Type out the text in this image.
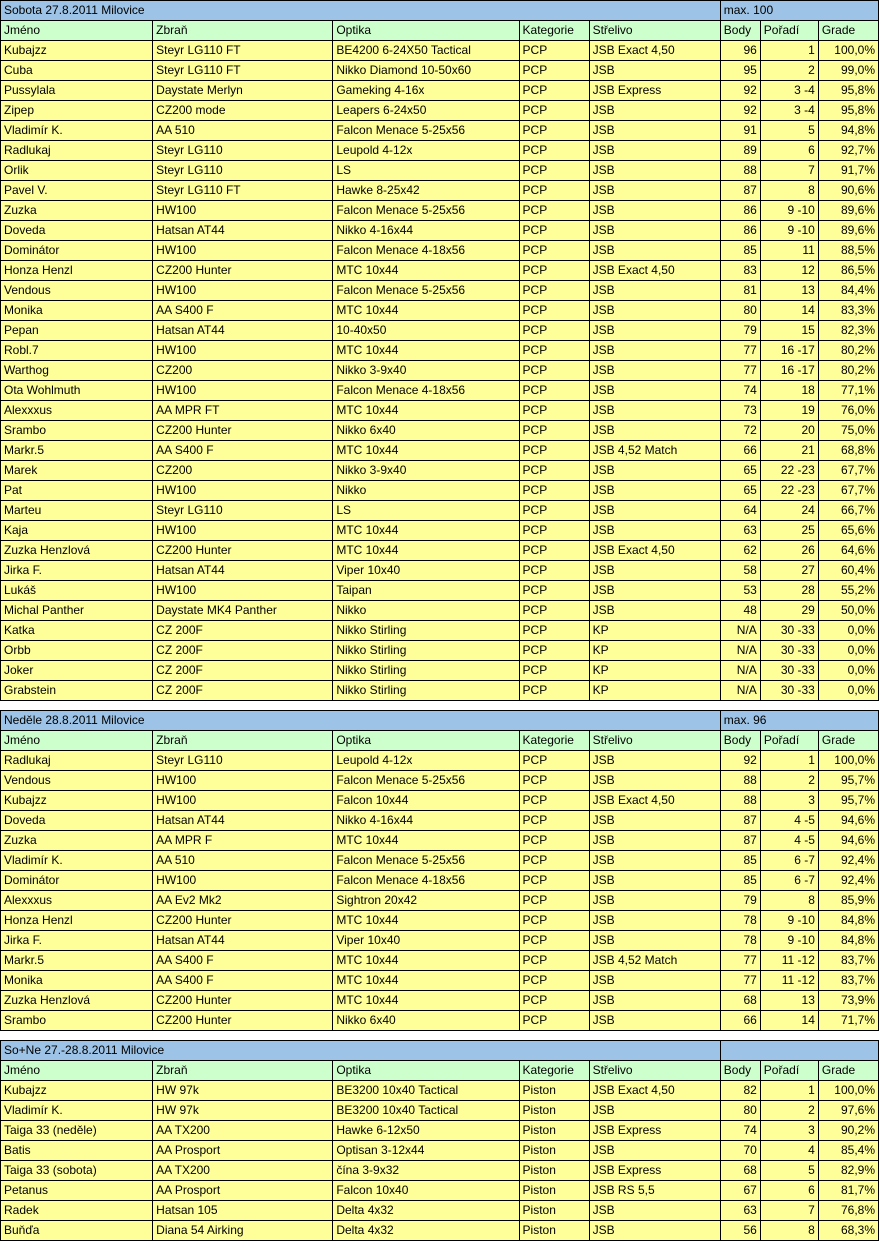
Sobota 27.8.2011 Milovice					max. 100		
Jméno	Zbraň	Optika	Kategorie	Střelivo	Body	Pořadí	Grade
Kubajzz	Steyr LG110 FT	BE4200 6-24X50 Tactical	PCP	JSB Exact 4,50	96	1	100,0%
Cuba	Steyr LG110 FT	Nikko Diamond 10-50x60	PCP	JSB	95	2	99,0%
Pussylala	Daystate Merlyn	Gameking 4-16x	PCP	JSB Express	92	3 -4	95,8%
Zipep	CZ200 mode	Leapers 6-24x50	PCP	JSB	92	3 -4	95,8%
Vladimír K.	AA 510	Falcon Menace 5-25x56	PCP	JSB	91	5	94,8%
Radlukaj	Steyr LG110	Leupold 4-12x	PCP	JSB	89	6	92,7%
Orlik	Steyr LG110	LS	PCP	JSB	88	7	91,7%
Pavel V.	Steyr LG110 FT	Hawke 8-25x42	PCP	JSB	87	8	90,6%
Zuzka	HW100	Falcon Menace 5-25x56	PCP	JSB	86	9 -10	89,6%
Doveda	Hatsan AT44	Nikko 4-16x44	PCP	JSB	86	9 -10	89,6%
Dominátor	HW100	Falcon Menace 4-18x56	PCP	JSB	85	11	88,5%
Honza Henzl	CZ200 Hunter	MTC 10x44	PCP	JSB Exact 4,50	83	12	86,5%
Vendous	HW100	Falcon Menace 5-25x56	PCP	JSB	81	13	84,4%
Monika	AA S400 F	MTC 10x44	PCP	JSB	80	14	83,3%
Pepan	Hatsan AT44	10-40x50	PCP	JSB	79	15	82,3%
Robl.7	HW100	MTC 10x44	PCP	JSB	77	16 -17	80,2%
Warthog	CZ200	Nikko 3-9x40	PCP	JSB	77	16 -17	80,2%
Ota Wohlmuth	HW100	Falcon Menace 4-18x56	PCP	JSB	74	18	77,1%
Alexxxus	AA MPR FT	MTC 10x44	PCP	JSB	73	19	76,0%
Srambo	CZ200 Hunter	Nikko 6x40	PCP	JSB	72	20	75,0%
Markr.5	AA S400 F	MTC 10x44	PCP	JSB 4,52 Match	66	21	68,8%
Marek	CZ200	Nikko 3-9x40	PCP	JSB	65	22 -23	67,7%
Pat	HW100	Nikko	PCP	JSB	65	22 -23	67,7%
Marteu	Steyr LG110	LS	PCP	JSB	64	24	66,7%
Kaja	HW100	MTC 10x44	PCP	JSB	63	25	65,6%
Zuzka Henzlová	CZ200 Hunter	MTC 10x44	PCP	JSB Exact 4,50	62	26	64,6%
Jirka F.	Hatsan AT44	Viper 10x40	PCP	JSB	58	27	60,4%
Lukáš	HW100	Taipan	PCP	JSB	53	28	55,2%
Michal Panther	Daystate MK4 Panther	Nikko	PCP	JSB	48	29	50,0%
Katka	CZ 200F	Nikko Stirling	PCP	KP	N/A	30 -33	0,0%
Orbb	CZ 200F	Nikko Stirling	PCP	KP	N/A	30 -33	0,0%
Joker	CZ 200F	Nikko Stirling	PCP	KP	N/A	30 -33	0,0%
Grabstein	CZ 200F	Nikko Stirling	PCP	KP	N/A	30 -33	0,0%
Neděle 28.8.2011 Milovice					max. 96		
Jméno	Zbraň	Optika	Kategorie	Střelivo	Body	Pořadí	Grade
Radlukaj	Steyr LG110	Leupold 4-12x	PCP	JSB	92	1	100,0%
Vendous	HW100	Falcon Menace 5-25x56	PCP	JSB	88	2	95,7%
Kubajzz	HW100	Falcon 10x44	PCP	JSB Exact 4,50	88	3	95,7%
Doveda	Hatsan AT44	Nikko 4-16x44	PCP	JSB	87	4 -5	94,6%
Zuzka	AA MPR F	MTC 10x44	PCP	JSB	87	4 -5	94,6%
Vladimír K.	AA 510	Falcon Menace 5-25x56	PCP	JSB	85	6 -7	92,4%
Dominátor	HW100	Falcon Menace 4-18x56	PCP	JSB	85	6 -7	92,4%
Alexxxus	AA Ev2 Mk2	Sightron 20x42	PCP	JSB	79	8	85,9%
Honza Henzl	CZ200 Hunter	MTC 10x44	PCP	JSB	78	9 -10	84,8%
Jirka F.	Hatsan AT44	Viper 10x40	PCP	JSB	78	9 -10	84,8%
Markr.5	AA S400 F	MTC 10x44	PCP	JSB 4,52 Match	77	11 -12	83,7%
Monika	AA S400 F	MTC 10x44	PCP	JSB	77	11 -12	83,7%
Zuzka Henzlová	CZ200 Hunter	MTC 10x44	PCP	JSB	68	13	73,9%
Srambo	CZ200 Hunter	Nikko 6x40	PCP	JSB	66	14	71,7%
So+Ne 27.-28.8.2011 Milovice							
Jméno	Zbraň	Optika	Kategorie	Střelivo	Body	Pořadí	Grade
Kubajzz	HW 97k	BE3200 10x40 Tactical	Piston	JSB Exact 4,50	82	1	100,0%
Vladimír K.	HW 97k	BE3200 10x40 Tactical	Piston	JSB	80	2	97,6%
Taiga 33 (neděle)	AA TX200	Hawke 6-12x50	Piston	JSB Express	74	3	90,2%
Batis	AA Prosport	Optisan 3-12x44	Piston	JSB	70	4	85,4%
Taiga 33 (sobota)	AA TX200	čína 3-9x32	Piston	JSB Express	68	5	82,9%
Petanus	AA Prosport	Falcon 10x40	Piston	JSB RS 5,5	67	6	81,7%
Radek	Hatsan 105	Delta 4x32	Piston	JSB	63	7	76,8%
Buňďa	Diana 54 Airking	Delta 4x32	Piston	JSB	56	8	68,3%
